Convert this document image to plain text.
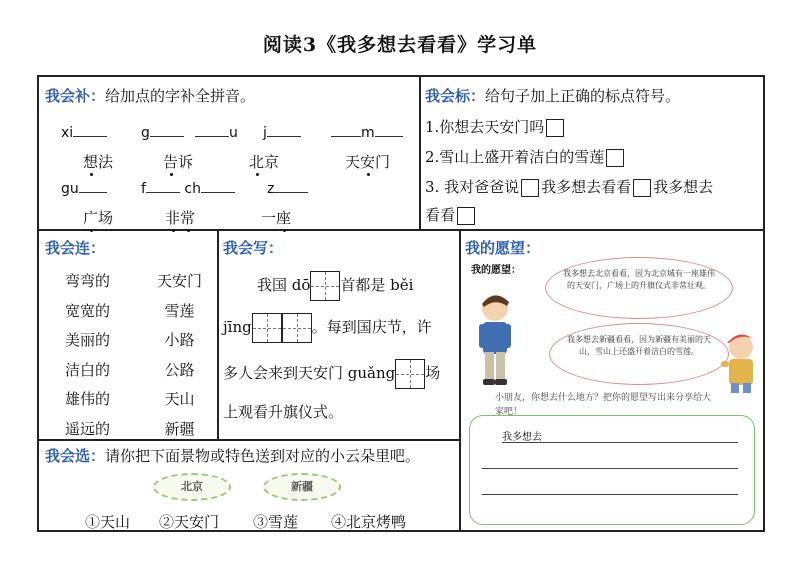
阅读3《我多想去看看》学习单
我会补：给加点的字补全拼音。
xi	g	u j	m
想法	告诉	北京	天安门
gu	f	ch	z
广场	非常	一座
我会标：给句子加上正确的标点符号。
1.你想去天安门吗
2.雪山上盛开着洁白的雪莲
3. 我对爸爸说 我多想去看看 我多想去
看看
我会连：
弯弯的
宽宽的
美丽的
洁白的
雄伟的
遥远的
天安门
雪莲
小路
公路
天山
新疆
我会写：
我国 dō 首都是 běi
jīng	。每到国庆节，许
多人会来到天安门 guǎng 场
上观看升旗仪式。
我的愿望：
我的愿望：	我多想去北京看看，因为北京城有一座雄伟的天安门，广场上的升旗仪式非常壮观。
我多想去新疆看看，因为新疆有美丽的天山，雪山上还盛开着洁白的雪莲。
小朋友，你想去什么地方？把你的愿望写出来分享给大家吧！
我多想去
我会选：请你把下面景物或特色送到对应的小云朵里吧。
北京	新疆
①天山 ②天安门 ③雪莲 ④北京烤鸭
